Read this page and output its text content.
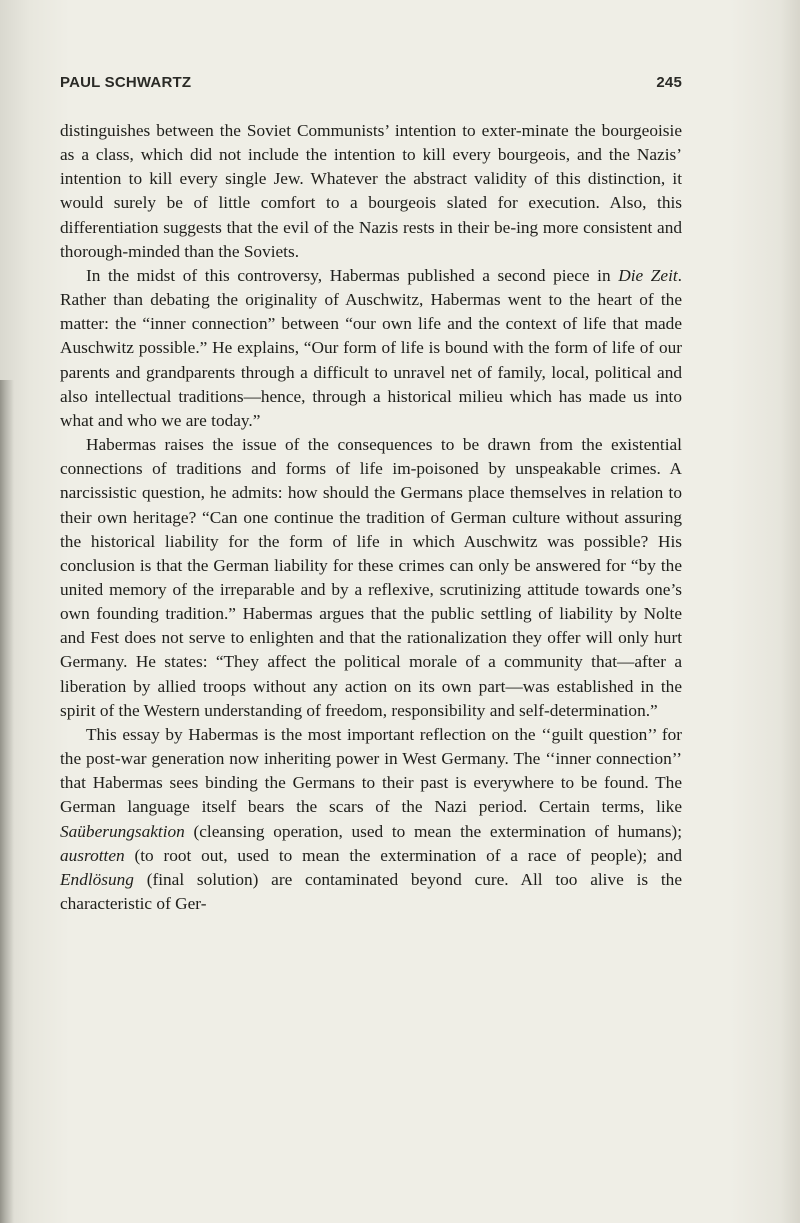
PAUL SCHWARTZ	245

distinguishes between the Soviet Communists’ intention to exter-minate the bourgeoisie as a class, which did not include the intention to kill every bourgeois, and the Nazis’ intention to kill every single Jew. Whatever the abstract validity of this distinction, it would surely be of little comfort to a bourgeois slated for execution. Also, this differentiation suggests that the evil of the Nazis rests in their be-ing more consistent and thorough-minded than the Soviets.

In the midst of this controversy, Habermas published a second piece in Die Zeit. Rather than debating the originality of Auschwitz, Habermas went to the heart of the matter: the “inner connection” between “our own life and the context of life that made Auschwitz possible.” He explains, “Our form of life is bound with the form of life of our parents and grandparents through a difficult to unravel net of family, local, political and also intellectual traditions—hence, through a historical milieu which has made us into what and who we are today.”

Habermas raises the issue of the consequences to be drawn from the existential connections of traditions and forms of life im-poisoned by unspeakable crimes. A narcissistic question, he admits: how should the Germans place themselves in relation to their own heritage? “Can one continue the tradition of German culture without assuring the historical liability for the form of life in which Auschwitz was possible? His conclusion is that the German liability for these crimes can only be answered for “by the united memory of the irreparable and by a reflexive, scrutinizing attitude towards one’s own founding tradition.” Habermas argues that the public settling of liability by Nolte and Fest does not serve to enlighten and that the rationalization they offer will only hurt Germany. He states: “They affect the political morale of a community that—after a liberation by allied troops without any action on its own part—was established in the spirit of the Western understanding of freedom, responsibility and self-determination.”

This essay by Habermas is the most important reflection on the ‘‘guilt question’’ for the post-war generation now inheriting power in West Germany. The ‘‘inner connection’’ that Habermas sees binding the Germans to their past is everywhere to be found. The German language itself bears the scars of the Nazi period. Certain terms, like Saüberungsaktion (cleansing operation, used to mean the extermination of humans); ausrotten (to root out, used to mean the extermination of a race of people); and Endlösung (final solution) are contaminated beyond cure. All too alive is the characteristic of Ger-
